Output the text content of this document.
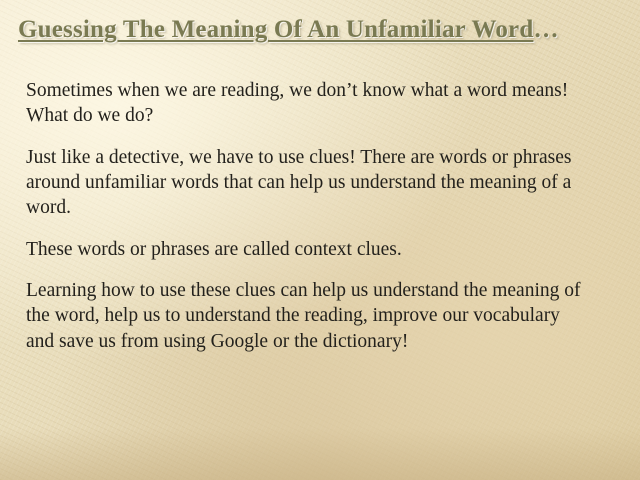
Guessing The Meaning Of An Unfamiliar Word…

Sometimes when we are reading, we don’t know what a word means! What do we do?

Just like a detective, we have to use clues! There are words or phrases around unfamiliar words that can help us understand the meaning of a word.

These words or phrases are called context clues.

Learning how to use these clues can help us understand the meaning of the word, help us to understand the reading, improve our vocabulary and save us from using Google or the dictionary!
